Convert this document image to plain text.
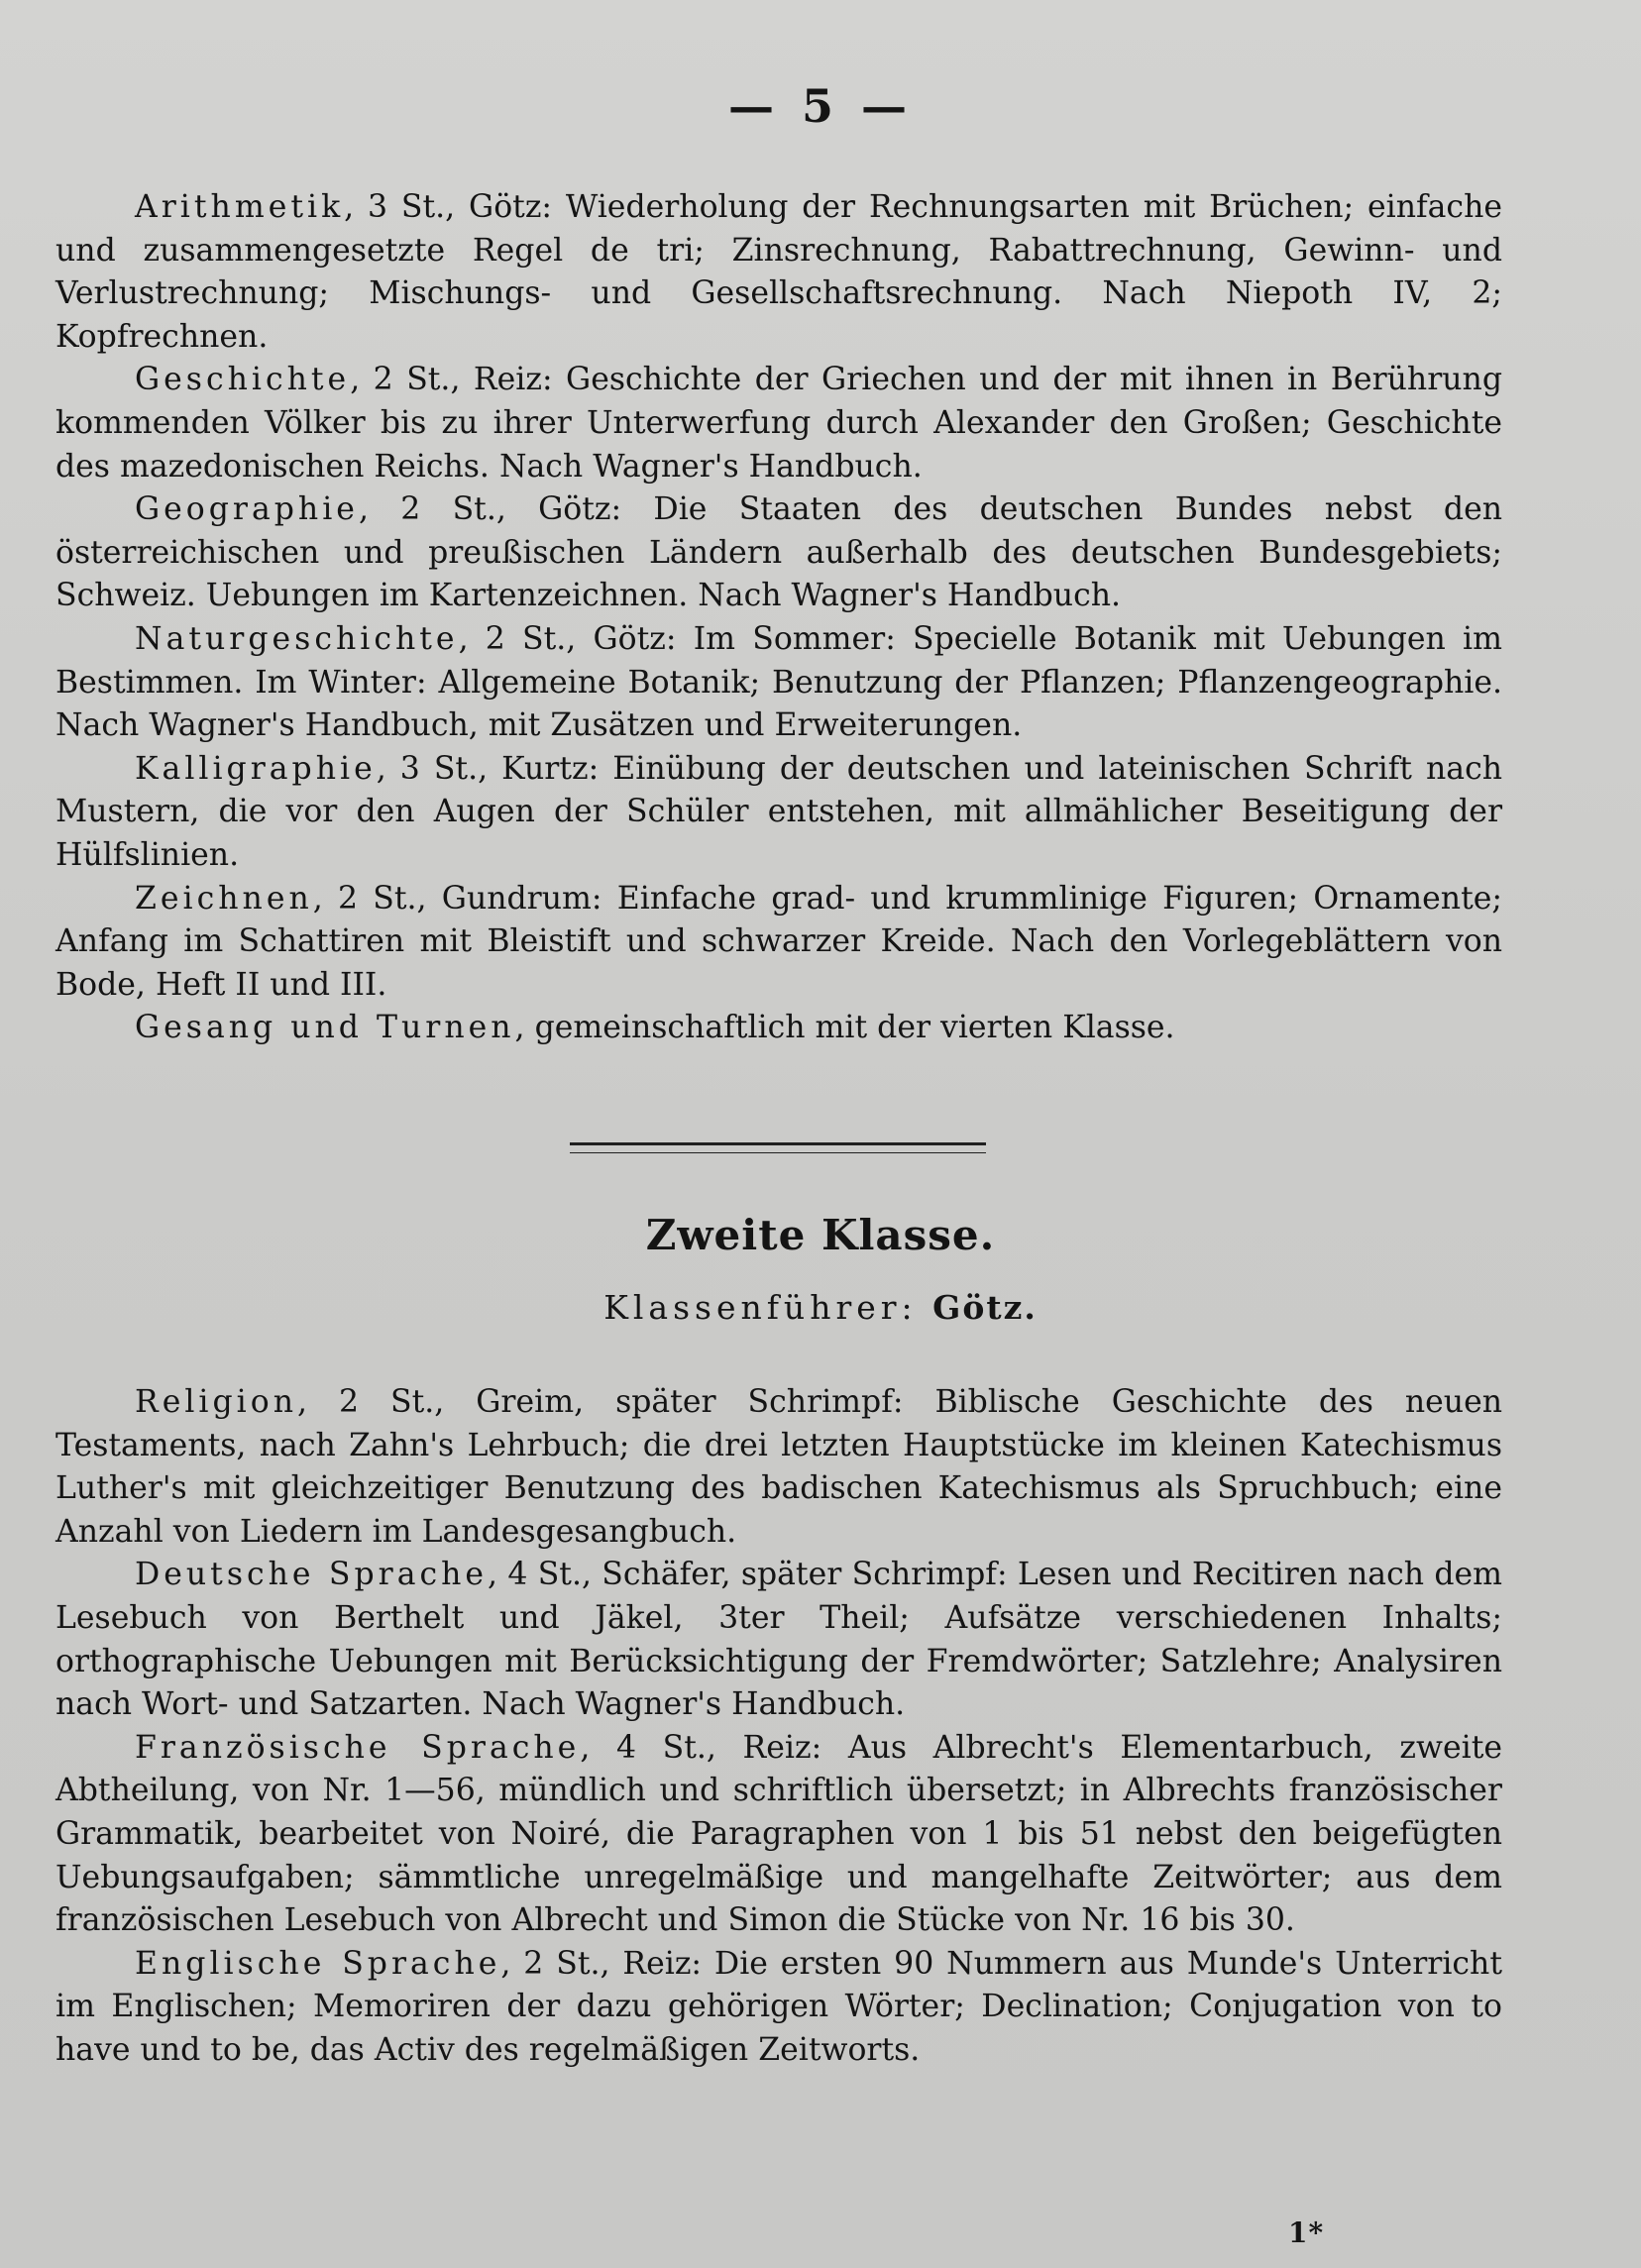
— 5 —

Arithmetik, 3 St., Götz: Wiederholung der Rechnungsarten mit Brüchen; einfache und zusammengesetzte Regel de tri; Zinsrechnung, Rabattrechnung, Gewinn- und Verlustrechnung; Mischungs- und Gesellschaftsrechnung. Nach Niepoth IV, 2; Kopfrechnen.

Geschichte, 2 St., Reiz: Geschichte der Griechen und der mit ihnen in Berührung kommenden Völker bis zu ihrer Unterwerfung durch Alexander den Großen; Geschichte des mazedonischen Reichs. Nach Wagner's Handbuch.

Geographie, 2 St., Götz: Die Staaten des deutschen Bundes nebst den österreichischen und preußischen Ländern außerhalb des deutschen Bundesgebiets; Schweiz. Uebungen im Kartenzeichnen. Nach Wagner's Handbuch.

Naturgeschichte, 2 St., Götz: Im Sommer: Specielle Botanik mit Uebungen im Bestimmen. Im Winter: Allgemeine Botanik; Benutzung der Pflanzen; Pflanzengeographie. Nach Wagner's Handbuch, mit Zusätzen und Erweiterungen.

Kalligraphie, 3 St., Kurtz: Einübung der deutschen und lateinischen Schrift nach Mustern, die vor den Augen der Schüler entstehen, mit allmählicher Beseitigung der Hülfslinien.

Zeichnen, 2 St., Gundrum: Einfache grad- und krummlinige Figuren; Ornamente; Anfang im Schattiren mit Bleistift und schwarzer Kreide. Nach den Vorlegeblättern von Bode, Heft II und III.

Gesang und Turnen, gemeinschaftlich mit der vierten Klasse.

Zweite Klasse.
Klassenführer: Götz.

Religion, 2 St., Greim, später Schrimpf: Biblische Geschichte des neuen Testaments, nach Zahn's Lehrbuch; die drei letzten Hauptstücke im kleinen Katechismus Luther's mit gleichzeitiger Benutzung des badischen Katechismus als Spruchbuch; eine Anzahl von Liedern im Landesgesangbuch.

Deutsche Sprache, 4 St., Schäfer, später Schrimpf: Lesen und Recitiren nach dem Lesebuch von Berthelt und Jäkel, 3ter Theil; Aufsätze verschiedenen Inhalts; orthographische Uebungen mit Berücksichtigung der Fremdwörter; Satzlehre; Analysiren nach Wort- und Satzarten. Nach Wagner's Handbuch.

Französische Sprache, 4 St., Reiz: Aus Albrecht's Elementarbuch, zweite Abtheilung, von Nr. 1—56, mündlich und schriftlich übersetzt; in Albrechts französischer Grammatik, bearbeitet von Noiré, die Paragraphen von 1 bis 51 nebst den beigefügten Uebungsaufgaben; sämmtliche unregelmäßige und mangelhafte Zeitwörter; aus dem französischen Lesebuch von Albrecht und Simon die Stücke von Nr. 16 bis 30.

Englische Sprache, 2 St., Reiz: Die ersten 90 Nummern aus Munde's Unterricht im Englischen; Memoriren der dazu gehörigen Wörter; Declination; Conjugation von to have und to be, das Activ des regelmäßigen Zeitworts.

1*
